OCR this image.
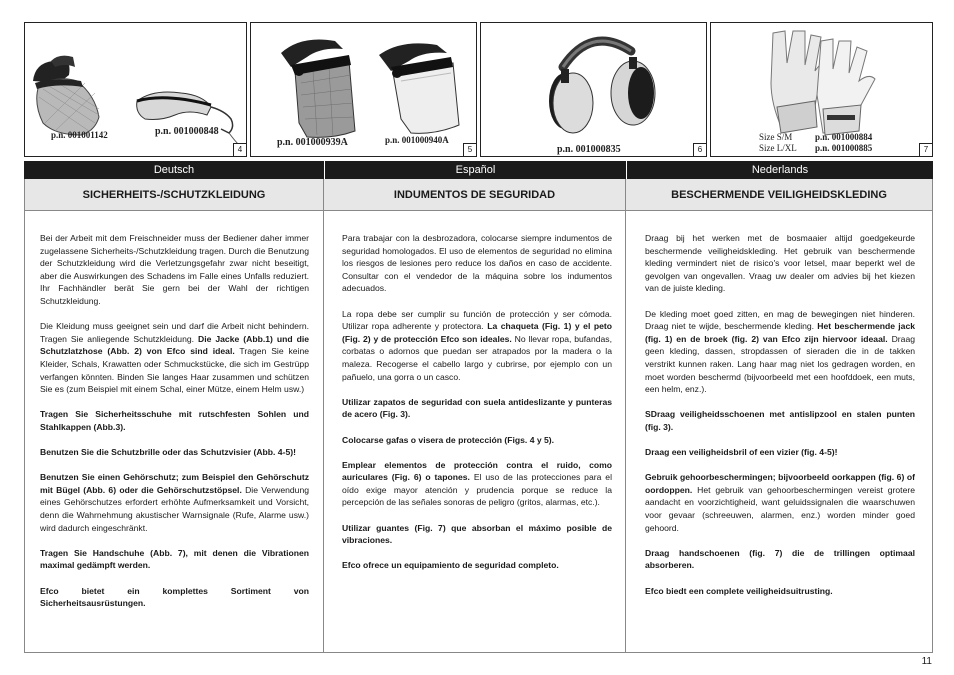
p.n. 001001142	p.n. 001000848
4
p.n. 001000939A	p.n. 001000940A
5	p.n. 001000835	6
Size S/M	p.n. 001000884
Size L/XL p.n. 001000885	7
Deutsch	Español	Nederlands
SICHERHEITS-/SCHUTZKLEIDUNG	INDUMENTOS DE SEGURIDAD	BESCHERMENDE VEILIGHEIDSKLEDING

Bei der Arbeit mit dem Freischneider muss der Bediener daher immer zugelassene Sicherheits-/Schutzkleidung tragen. Durch die Benutzung der Schutzkleidung wird die Verletzungsgefahr zwar nicht beseitigt, aber die Auswirkungen des Schadens im Falle eines Unfalls reduziert. Ihr Fachhändler berät Sie gern bei der Wahl der richtigen Schutzkleidung.

Die Kleidung muss geeignet sein und darf die Arbeit nicht behindern. Tragen Sie anliegende Schutzkleidung. Die Jacke (Abb.1) und die Schutzlatzhose (Abb. 2) von Efco sind ideal. Tragen Sie keine Kleider, Schals, Krawatten oder Schmuckstücke, die sich im Gestrüpp verfangen könnten. Binden Sie langes Haar zusammen und schützen Sie es (zum Beispiel mit einem Schal, einer Mütze, einem Helm usw.)

Tragen Sie Sicherheitsschuhe mit rutschfesten Sohlen und Stahlkappen (Abb.3).

Benutzen Sie die Schutzbrille oder das Schutzvisier (Abb. 4-5)!

Benutzen Sie einen Gehörschutz; zum Beispiel den Gehörschutz mit Bügel (Abb. 6) oder die Gehörschutzstöpsel. Die Verwendung eines Gehörschutzes erfordert erhöhte Aufmerksamkeit und Vorsicht, denn die Wahrnehmung akustischer Warnsignale (Rufe, Alarme usw.) wird dadurch eingeschränkt.

Tragen Sie Handschuhe (Abb. 7), mit denen die Vibrationen maximal gedämpft werden.

Efco bietet ein komplettes Sortiment von Sicherheitsausrüstungen.

Para trabajar con la desbrozadora, colocarse siempre indumentos de seguridad homologados. El uso de elementos de seguridad no elimina los riesgos de lesiones pero reduce los daños en caso de accidente. Consultar con el vendedor de la máquina sobre los indumentos adecuados.

La ropa debe ser cumplir su función de protección y ser cómoda. Utilizar ropa adherente y protectora. La chaqueta (Fig. 1) y el peto (Fig. 2) y de protección Efco son ideales. No llevar ropa, bufandas, corbatas o adornos que puedan ser atrapados por la madera o la maleza. Recogerse el cabello largo y cubrirse, por ejemplo con un pañuelo, una gorra o un casco.

Utilizar zapatos de seguridad con suela antideslizante y punteras de acero (Fig. 3).

Colocarse gafas o visera de protección (Figs. 4 y 5).

Emplear elementos de protección contra el ruido, como auriculares (Fig. 6) o tapones. El uso de las protecciones para el oído exige mayor atención y prudencia porque se reduce la percepción de las señales sonoras de peligro (gritos, alarmas, etc.).

Utilizar guantes (Fig. 7) que absorban el máximo posible de vibraciones.

Efco ofrece un equipamiento de seguridad completo.

Draag bij het werken met de bosmaaier altijd goedgekeurde beschermende veiligheidskleding. Het gebruik van beschermende kleding vermindert niet de risico's voor letsel, maar beperkt wel de gevolgen van ongevallen. Vraag uw dealer om advies bij het kiezen van de juiste kleding.

De kleding moet goed zitten, en mag de bewegingen niet hinderen. Draag niet te wijde, beschermende kleding. Het beschermende jack (fig. 1) en de broek (fig. 2) van Efco zijn hiervoor ideaal. Draag geen kleding, dassen, stropdassen of sieraden die in de takken verstrikt kunnen raken. Lang haar mag niet los gedragen worden, en moet worden beschermd (bijvoorbeeld met een hoofddoek, een muts, een helm, enz.).

SDraag veiligheidsschoenen met antislipzool en stalen punten (fig. 3).

Draag een veiligheidsbril of een vizier (fig. 4-5)!

Gebruik gehoorbeschermingen; bijvoorbeeld oorkappen (fig. 6) of oordoppen. Het gebruik van gehoorbeschermingen vereist grotere aandacht en voorzichtigheid, want geluidssignalen die waarschuwen voor gevaar (schreeuwen, alarmen, enz.) worden minder goed gehoord.

Draag handschoenen (fig. 7) die de trillingen optimaal absorberen.

Efco biedt een complete veiligheidsuitrusting.

11
